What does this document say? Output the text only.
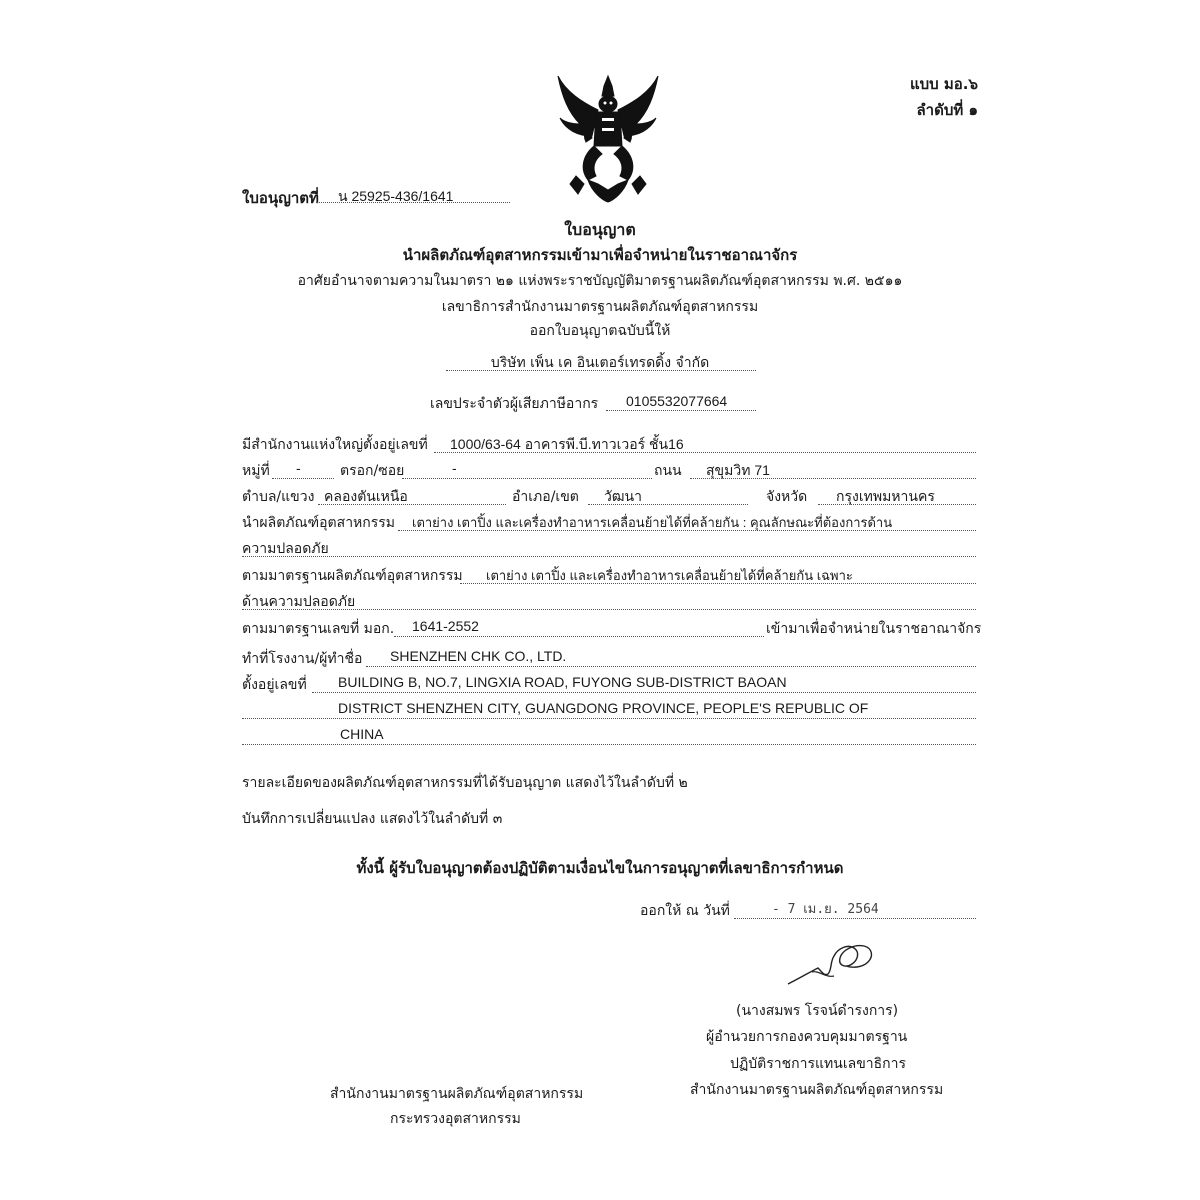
แบบ มอ.๖
ลำดับที่ ๑
ใบอนุญาตที่ น 25925-436/1641
ใบอนุญาต
นำผลิตภัณฑ์อุตสาหกรรมเข้ามาเพื่อจำหน่ายในราชอาณาจักร
อาศัยอำนาจตามความในมาตรา ๒๑ แห่งพระราชบัญญัติมาตรฐานผลิตภัณฑ์อุตสาหกรรม พ.ศ. ๒๕๑๑
เลขาธิการสำนักงานมาตรฐานผลิตภัณฑ์อุตสาหกรรม
ออกใบอนุญาตฉบับนี้ให้
บริษัท เพ็น เค อินเตอร์เทรดดิ้ง จำกัด
เลขประจำตัวผู้เสียภาษีอากร 0105532077664
มีสำนักงานแห่งใหญ่ตั้งอยู่เลขที่ 1000/63-64 อาคารพี.บี.ทาวเวอร์ ชั้น16
หมู่ที่ -	ตรอก/ซอย	-	ถนน สุขุมวิท 71
ตำบล/แขวง คลองตันเหนือ	อำเภอ/เขต วัฒนา	จังหวัด กรุงเทพมหานคร
นำผลิตภัณฑ์อุตสาหกรรม เตาย่าง เตาปิ้ง และเครื่องทำอาหารเคลื่อนย้ายได้ที่คล้ายกัน : คุณลักษณะที่ต้องการด้าน
ความปลอดภัย
ตามมาตรฐานผลิตภัณฑ์อุตสาหกรรม เตาย่าง เตาปิ้ง และเครื่องทำอาหารเคลื่อนย้ายได้ที่คล้ายกัน เฉพาะ
ด้านความปลอดภัย
ตามมาตรฐานเลขที่ มอก. 1641-2552	เข้ามาเพื่อจำหน่ายในราชอาณาจักร
ทำที่โรงงาน/ผู้ทำชื่อ SHENZHEN CHK CO., LTD.
ตั้งอยู่เลขที่ BUILDING B, NO.7, LINGXIA ROAD, FUYONG SUB-DISTRICT BAOAN
DISTRICT SHENZHEN CITY, GUANGDONG PROVINCE, PEOPLE'S REPUBLIC OF
CHINA
รายละเอียดของผลิตภัณฑ์อุตสาหกรรมที่ได้รับอนุญาต แสดงไว้ในลำดับที่ ๒
บันทึกการเปลี่ยนแปลง แสดงไว้ในลำดับที่ ๓
ทั้งนี้ ผู้รับใบอนุญาตต้องปฏิบัติตามเงื่อนไขในการอนุญาตที่เลขาธิการกำหนด
ออกให้ ณ วันที่	- 7 เม.ย. 2564
(นางสมพร โรจน์ดำรงการ)
ผู้อำนวยการกองควบคุมมาตรฐาน
ปฏิบัติราชการแทนเลขาธิการ
สำนักงานมาตรฐานผลิตภัณฑ์อุตสาหกรรม
สำนักงานมาตรฐานผลิตภัณฑ์อุตสาหกรรม
กระทรวงอุตสาหกรรม
